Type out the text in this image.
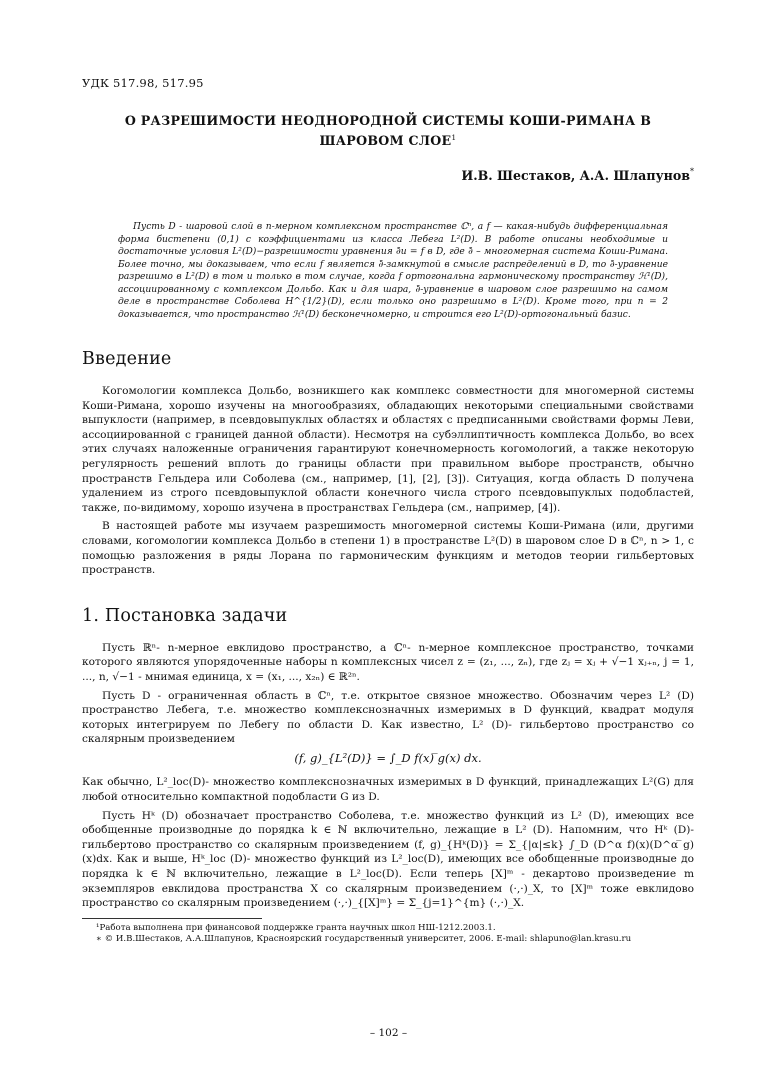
УДК 517.98, 517.95
О РАЗРЕШИМОСТИ НЕОДНОРОДНОЙ СИСТЕМЫ КОШИ-РИМАНА В ШАРОВОМ СЛОЕ$^1$
И.В. Шестаков, А.А. Шлапунов*

Пусть D - шаровой слой в n-мерном комплексном пространстве ℂⁿ, а f — какая-нибудь дифференциальная форма бистепени (0,1) с коэффициентами из класса Лебега L²(D). В работе описаны необходимые и достаточные условия L²(D)−разрешимости уравнения ∂̄u = f в D, где ∂̄ – многомерная система Коши-Римана. Более точно, мы доказываем, что если f является ∂̄-замкнутой в смысле распределений в D, то ∂̄-уравнение разрешимо в L²(D) в том и только в том случае, когда f ортогональна гармоническому пространству ℋ¹(D), ассоциированному с комплексом Дольбо. Как и для шара, ∂̄-уравнение в шаровом слое разрешимо на самом деле в пространстве Соболева H^{1/2}(D), если только оно разрешимо в L²(D). Кроме того, при n = 2 доказывается, что пространство ℋ¹(D) бесконечномерно, и строится его L²(D)-ортогональный базис.

Введение

Когомологии комплекса Дольбо, возникшего как комплекс совместности для многомерной системы Коши-Римана, хорошо изучены на многообразиях, обладающих некоторыми специальными свойствами выпуклости (например, в псевдовыпуклых областях и областях с предписанными свойствами формы Леви, ассоциированной с границей данной области). Несмотря на субэллиптичность комплекса Дольбо, во всех этих случаях наложенные ограничения гарантируют конечномерность когомологий, а также некоторую регулярность решений вплоть до границы области при правильном выборе пространств, обычно пространств Гельдера или Соболева (см., например, [1], [2], [3]). Ситуация, когда область D получена удалением из строго псевдовыпуклой области конечного числа строго псевдовыпуклых подобластей, также, по-видимому, хорошо изучена в пространствах Гельдера (см., например, [4]).

В настоящей работе мы изучаем разрешимость многомерной системы Коши-Римана (или, другими словами, когомологии комплекса Дольбо в степени 1) в пространстве L²(D) в шаровом слое D в ℂⁿ, n > 1, с помощью разложения в ряды Лорана по гармоническим функциям и методов теории гильбертовых пространств.

1. Постановка задачи

Пусть ℝⁿ- n-мерное евклидово пространство, а ℂⁿ- n-мерное комплексное пространство, точками которого являются упорядоченные наборы n комплексных чисел z = (z₁, ..., zₙ), где zⱼ = xⱼ + √−1 xⱼ₊ₙ, j = 1, ..., n, √−1 - мнимая единица, x = (x₁, ..., x₂ₙ) ∈ ℝ²ⁿ.

Пусть D - ограниченная область в ℂⁿ, т.е. открытое связное множество. Обозначим через L² (D) пространство Лебега, т.е. множество комплекснозначных измеримых в D функций, квадрат модуля которых интегрируем по Лебегу по области D. Как известно, L² (D)- гильбертово пространство со скалярным произведением

(f, g)_{L²(D)} = ∫_D f(x) ̅g(x) dx.

Как обычно, L²_loc(D)- множество комплекснозначных измеримых в D функций, принадлежащих L²(G) для любой относительно компактной подобласти G из D.

Пусть Hᵏ (D) обозначает пространство Соболева, т.е. множество функций из L² (D), имеющих все обобщенные производные до порядка k ∈ ℕ включительно, лежащие в L² (D). Напомним, что Hᵏ (D)- гильбертово пространство со скалярным произведением (f, g)_{Hᵏ(D)} = Σ_{|α|≤k} ∫_D (D^α f)(x)(D^α ̅g)(x)dx. Как и выше, Hᵏ_loc (D)- множество функций из L²_loc(D), имеющих все обобщенные производные до порядка k ∈ ℕ включительно, лежащие в L²_loc(D). Если теперь [X]ᵐ - декартово произведение m экземпляров евклидова пространства X со скалярным произведением (·,·)_X, то [X]ᵐ тоже евклидово пространство со скалярным произведением (·,·)_{[X]ᵐ} = Σ_{j=1}^{m} (·,·)_X.

¹Работа выполнена при финансовой поддержке гранта научных школ НШ-1212.2003.1.
∗ © И.В.Шестаков, А.А.Шлапунов, Красноярский государственный университет, 2006. E-mail: shlapuno@lan.krasu.ru
– 102 –
